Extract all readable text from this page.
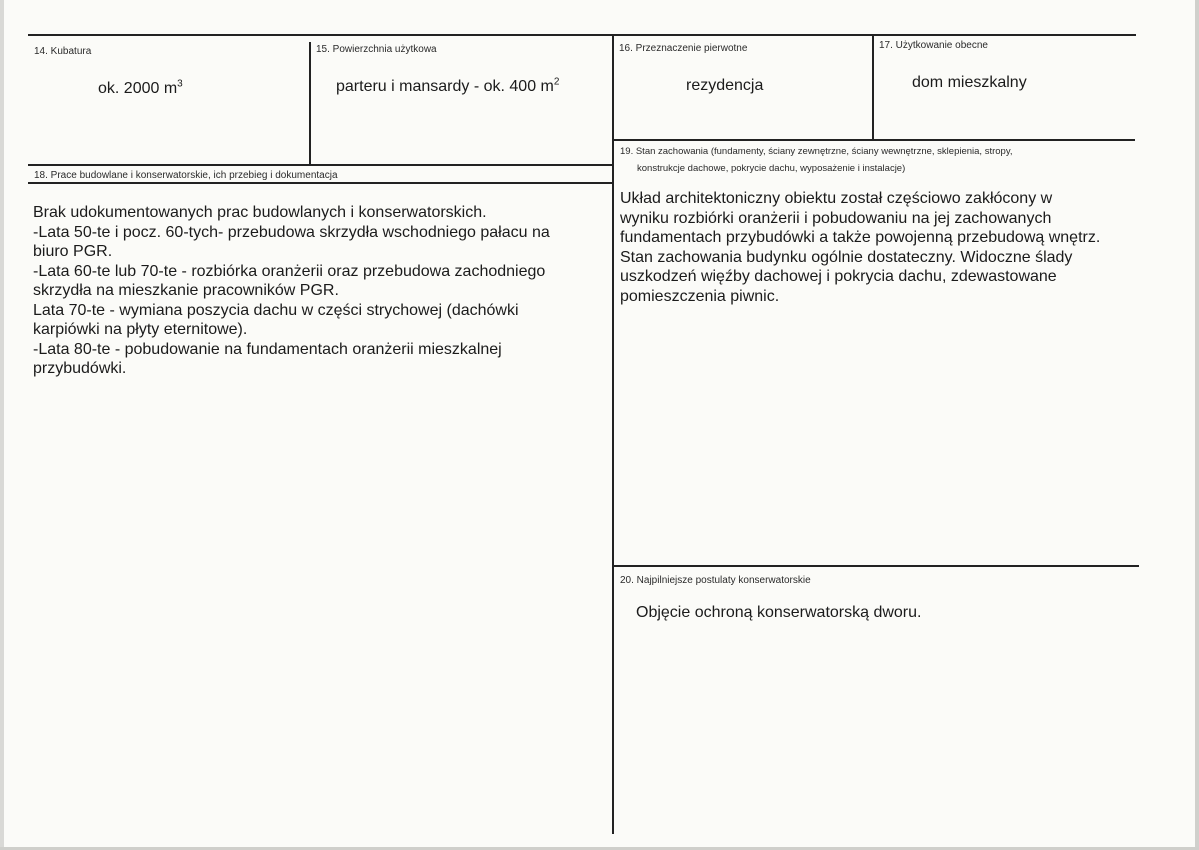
14. Kubatura
ok. 2000 $m^3$
15. Powierzchnia użytkowa
parteru i mansardy - ok. 400 $m^2$
16. Przeznaczenie pierwotne
rezydencja
17. Użytkowanie obecne
dom mieszkalny
18. Prace budowlane i konserwatorskie, ich przebieg i dokumentacja
Brak udokumentowanych prac budowlanych i konserwatorskich.
-Lata 50-te i pocz. 60-tych- przebudowa skrzydła wschodniego pałacu na
biuro PGR.
-Lata 60-te lub 70-te - rozbiórka oranżerii oraz przebudowa zachodniego
skrzydła na mieszkanie pracowników PGR.
Lata 70-te - wymiana poszycia dachu w części strychowej (dachówki
karpiówki na płyty eternitowe).
-Lata 80-te - pobudowanie na fundamentach oranżerii mieszkalnej
przybudówki.
19. Stan zachowania (fundamenty, ściany zewnętrzne, ściany wewnętrzne, sklepienia, stropy,
konstrukcje dachowe, pokrycie dachu, wyposażenie i instalacje)
Układ architektoniczny obiektu został częściowo zakłócony w
wyniku rozbiórki oranżerii i pobudowaniu na jej zachowanych
fundamentach przybudówki a także powojenną przebudową wnętrz.
Stan zachowania budynku ogólnie dostateczny. Widoczne ślady
uszkodzeń więźby dachowej i pokrycia dachu, zdewastowane
pomieszczenia piwnic.
20. Najpilniejsze postulaty konserwatorskie
Objęcie ochroną konserwatorską dworu.
